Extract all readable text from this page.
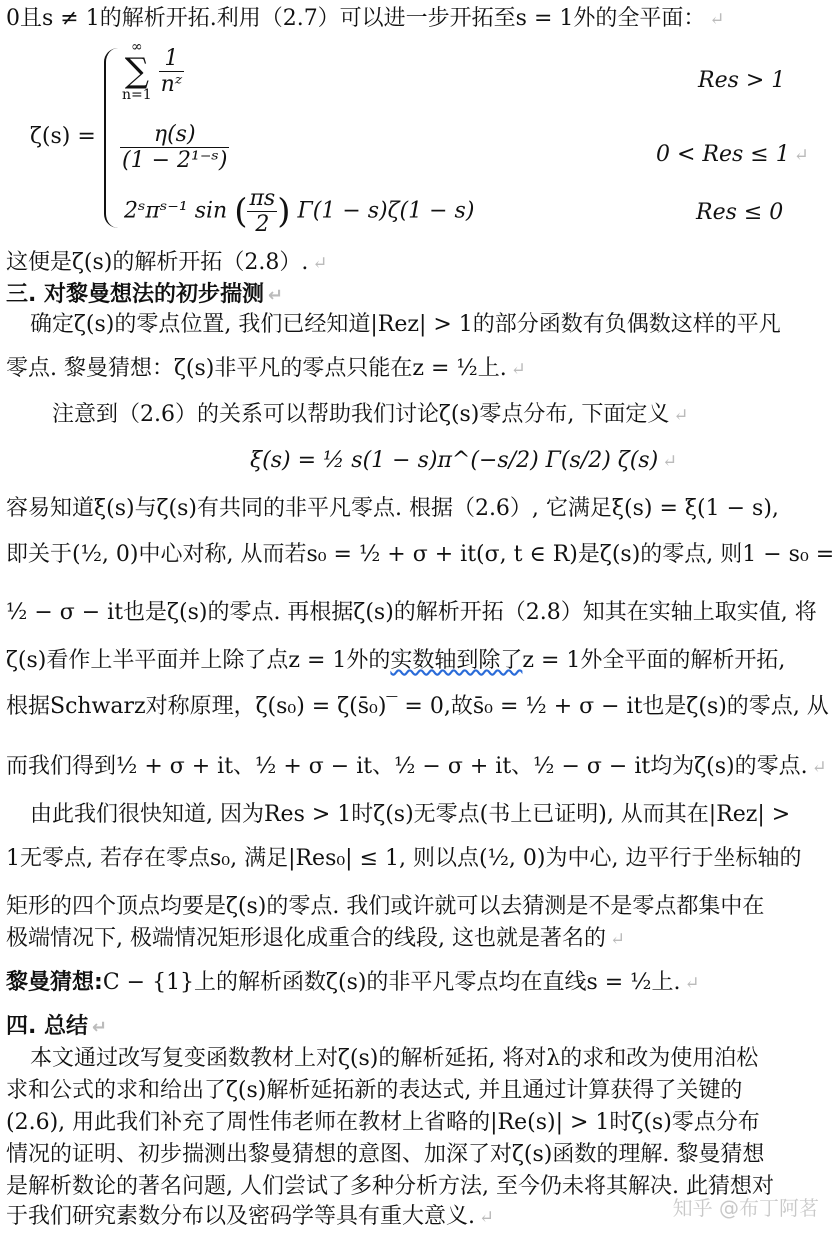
0且s ≠ 1的解析开拓.利用（2.7）可以进一步开拓至s = 1外的全平面： ↵
ζ(s) =
∞
∑
n=1
$\frac{1}{\text{nᶻ}}$	Res > 1
$\frac{\eta(s)}{\text{(1 − 2¹⁻ˢ)}}$	0 < Res ≤ 1 ↵
2ˢπˢ⁻¹ sin ( $\frac{\pi s}{2}$ ) Γ(1 − s)ζ(1 − s)	Res ≤ 0
这便是ζ(s)的解析开拓（2.8）. ↵
三. 对黎曼想法的初步揣测 ↵
确定ζ(s)的零点位置, 我们已经知道|Rez| > 1的部分函数有负偶数这样的平凡
零点. 黎曼猜想：ζ(s)非平凡的零点只能在z = ½上. ↵
注意到（2.6）的关系可以帮助我们讨论ζ(s)零点分布, 下面定义 ↵
ξ(s) = ½ s(1 − s)π^(−s/2) Γ(s/2) ζ(s) ↵
容易知道ξ(s)与ζ(s)有共同的非平凡零点. 根据（2.6）, 它满足ξ(s) = ξ(1 − s),
即关于(½, 0)中心对称, 从而若s₀ = ½ + σ + it(σ, t ∈ R)是ζ(s)的零点, 则1 − s₀ =
½ − σ − it也是ζ(s)的零点. 再根据ζ(s)的解析开拓（2.8）知其在实轴上取实值, 将
ζ(s)看作上半平面并上除了点z = 1外的实数轴到除了z = 1外全平面的解析开拓,
根据Schwarz对称原理，ζ(s₀) = ζ(s̄₀)‾ = 0,故s̄₀ = ½ + σ − it也是ζ(s)的零点, 从
而我们得到½ + σ + it、½ + σ − it、½ − σ + it、½ − σ − it均为ζ(s)的零点. ↵
由此我们很快知道, 因为Res > 1时ζ(s)无零点(书上已证明), 从而其在|Rez| >
1无零点, 若存在零点s₀, 满足|Res₀| ≤ 1, 则以点(½, 0)为中心, 边平行于坐标轴的
矩形的四个顶点均要是ζ(s)的零点. 我们或许就可以去猜测是不是零点都集中在
极端情况下, 极端情况矩形退化成重合的线段, 这也就是著名的 ↵
黎曼猜想:C − {1}上的解析函数ζ(s)的非平凡零点均在直线s = ½上. ↵
四. 总结 ↵
本文通过改写复变函数教材上对ζ(s)的解析延拓, 将对λ的求和改为使用泊松
求和公式的求和给出了ζ(s)解析延拓新的表达式, 并且通过计算获得了关键的
(2.6), 用此我们补充了周性伟老师在教材上省略的|Re(s)| > 1时ζ(s)零点分布
情况的证明、初步揣测出黎曼猜想的意图、加深了对ζ(s)函数的理解. 黎曼猜想
是解析数论的著名问题, 人们尝试了多种分析方法, 至今仍未将其解决. 此猜想对
于我们研究素数分布以及密码学等具有重大意义. ↵	知乎 @布丁阿茗
